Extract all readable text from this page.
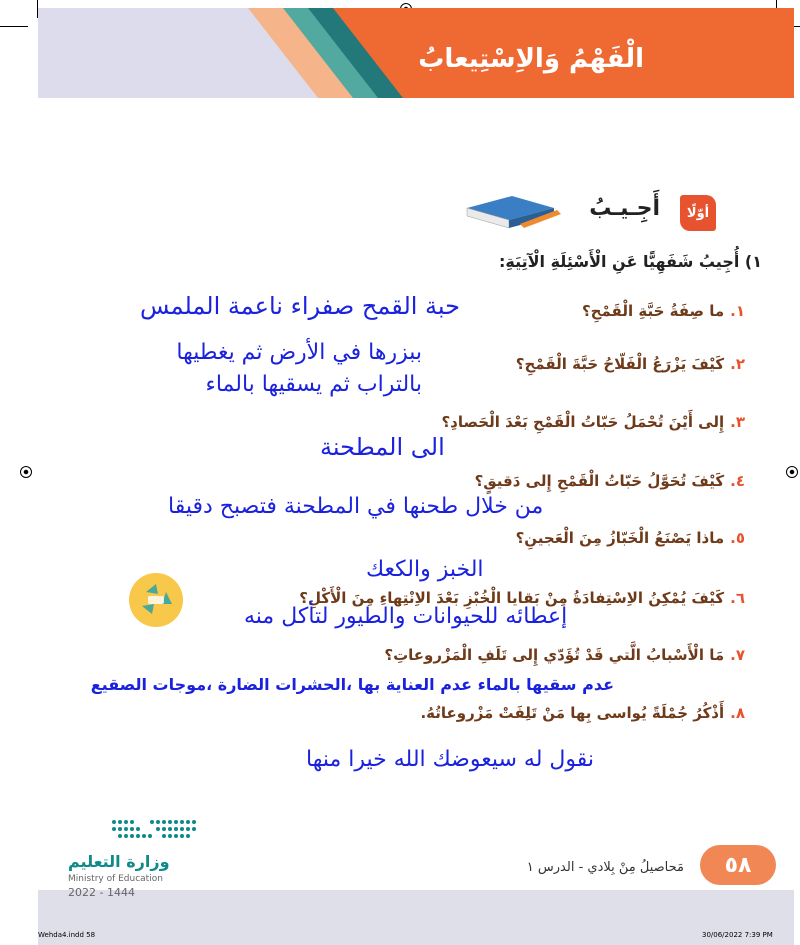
الْفَهْمُ وَالاِسْتِيعابُ
أوّلًا
أَجِـيـبُ
١) أُجِيبُ شَفَهِيًّا عَنِ الْأَسْئِلَةِ الْآتِيَةِ:
١.ما صِفَةُ حَبَّةِ الْقَمْحِ؟
٢.كَيْفَ يَزْرَعُ الْفَلّاحُ حَبَّةَ الْقَمْحِ؟
٣.إِلى أَيْنَ تُحْمَلُ حَبّاتُ الْقَمْحِ بَعْدَ الْحَصادِ؟
٤.كَيْفَ تُحَوَّلُ حَبّاتُ الْقَمْحِ إِلى دَقيقٍ؟
٥.ماذا يَصْنَعُ الْخَبّازُ مِنَ الْعَجينِ؟
٦.كَيْفَ يُمْكِنُ الاِسْتِفادَةُ مِنْ بَقايا الْخُبْزِ بَعْدَ الاِنْتِهاءِ مِنَ الْأَكْلِ؟
٧.مَا الْأَسْبابُ الَّتي قَدْ تُؤَدّي إِلى تَلَفِ الْمَزْروعاتِ؟
٨.أَذْكُرُ جُمْلَةً يُواسى بِها مَنْ تَلِفَتْ مَزْروعاتُهُ.
حبة القمح صفراء ناعمة الملمس
ببزرها في الأرض ثم يغطيها
بالتراب ثم يسقيها بالماء
الى المطحنة
من خلال طحنها في المطحنة فتصبح دقيقا
الخبز والكعك
إعطائه للحيوانات والطيور لتأكل منه
عدم سقيها بالماء عدم العناية بها ،الحشرات الضارة ،موجات الصقيع
نقول له سيعوضك الله خيرا منها
٥٨
مَحاصيلُ مِنْ بِلادي - الدرس ١
وزارة التعليم
Ministry of Education
2022 - 1444
Wehda4.indd 58	30/06/2022 7:39 PM
